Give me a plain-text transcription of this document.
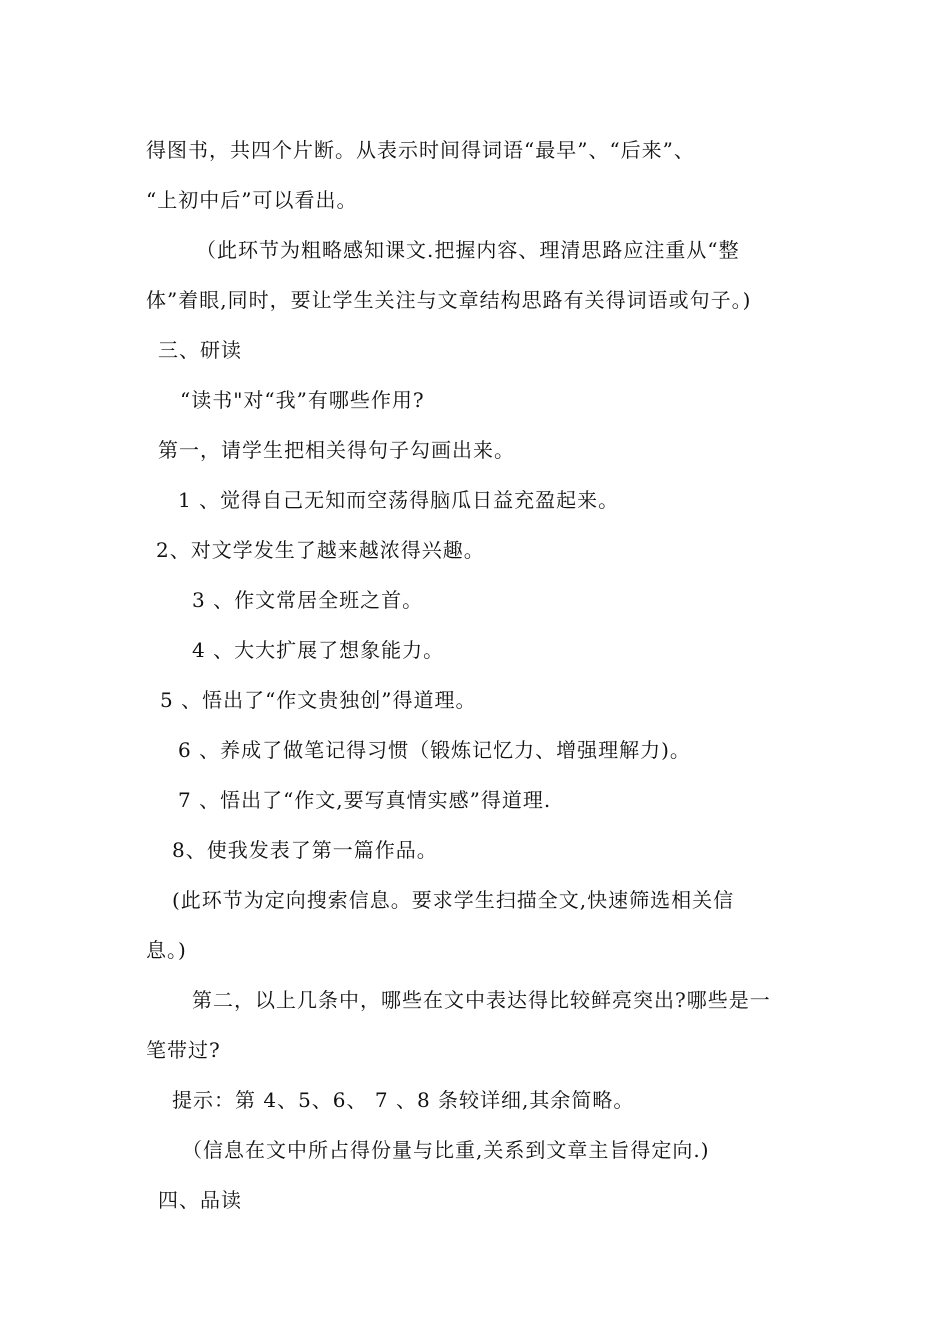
得图书，共四个片断。从表示时间得词语“最早”、“后来”、
“上初中后”可以看出。
（此环节为粗略感知课文.把握内容、理清思路应注重从“整
体”着眼,同时，要让学生关注与文章结构思路有关得词语或句子。)
三、研读
“读书"对“我”有哪些作用?
第一，请学生把相关得句子勾画出来。
1 、觉得自己无知而空荡得脑瓜日益充盈起来。
2、对文学发生了越来越浓得兴趣。
3 、作文常居全班之首。
4 、大大扩展了想象能力。
5 、悟出了“作文贵独创”得道理。
6 、养成了做笔记得习惯（锻炼记忆力、增强理解力)。
7 、悟出了“作文,要写真情实感”得道理.
8、使我发表了第一篇作品。
(此环节为定向搜索信息。要求学生扫描全文,快速筛选相关信
息。)
第二，以上几条中，哪些在文中表达得比较鲜亮突出?哪些是一
笔带过?
提示：第 4、5、6、 7 、8 条较详细,其余简略。
（信息在文中所占得份量与比重,关系到文章主旨得定向.)
四、品读
